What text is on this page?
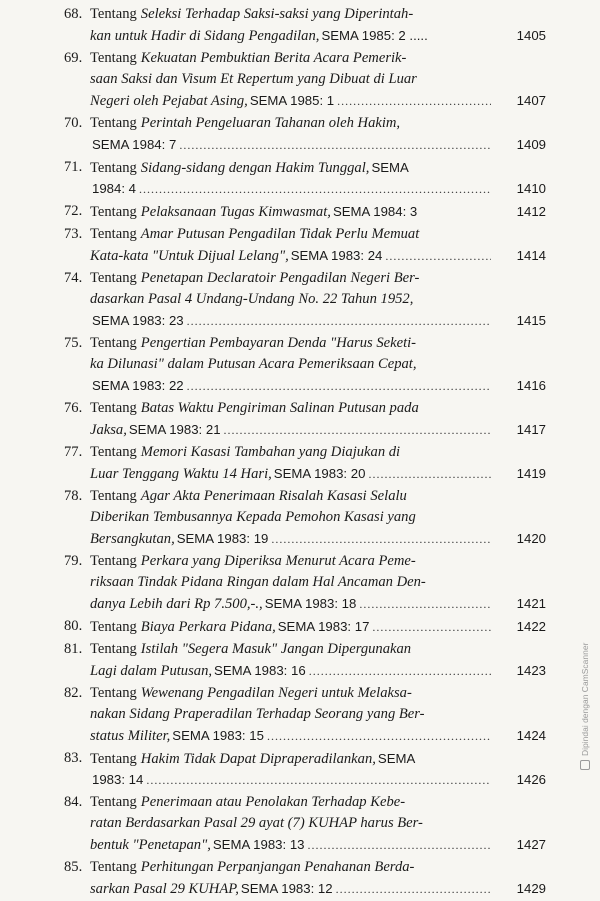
68. Tentang Seleksi Terhadap Saksi-saksi yang Diperintah-
kan untuk Hadir di Sidang Pengadilan, SEMA 1985: 2 .....	1405
69. Tentang Kekuatan Pembuktian Berita Acara Pemerik-
saan Saksi dan Visum Et Repertum yang Dibuat di Luar
Negeri oleh Pejabat Asing, SEMA 1985: 1 .....	1407
70. Tentang Perintah Pengeluaran Tahanan oleh Hakim,
SEMA 1984: 7 .....	1409
71. Tentang Sidang-sidang dengan Hakim Tunggal, SEMA
1984: 4 .....	1410
72. Tentang Pelaksanaan Tugas Kimwasmat, SEMA 1984: 3	1412
73. Tentang Amar Putusan Pengadilan Tidak Perlu Memuat
Kata-kata "Untuk Dijual Lelang", SEMA 1983: 24 .....	1414
74. Tentang Penetapan Declaratoir Pengadilan Negeri Ber-
dasarkan Pasal 4 Undang-Undang No. 22 Tahun 1952,
SEMA 1983: 23 .....	1415
75. Tentang Pengertian Pembayaran Denda "Harus Seketi-
ka Dilunasi" dalam Putusan Acara Pemeriksaan Cepat,
SEMA 1983: 22 .....	1416
76. Tentang Batas Waktu Pengiriman Salinan Putusan pada
Jaksa, SEMA 1983: 21 .....	1417
77. Tentang Memori Kasasi Tambahan yang Diajukan di
Luar Tenggang Waktu 14 Hari, SEMA 1983: 20 .....	1419
78. Tentang Agar Akta Penerimaan Risalah Kasasi Selalu
Diberikan Tembusannya Kepada Pemohon Kasasi yang
Bersangkutan, SEMA 1983: 19 .....	1420
79. Tentang Perkara yang Diperiksa Menurut Acara Peme-
riksaan Tindak Pidana Ringan dalam Hal Ancaman Den-
danya Lebih dari Rp 7.500,-., SEMA 1983: 18 .....	1421
80. Tentang Biaya Perkara Pidana, SEMA 1983: 17 .....	1422
81. Tentang Istilah "Segera Masuk" Jangan Dipergunakan
Lagi dalam Putusan, SEMA 1983: 16 .....	1423
82. Tentang Wewenang Pengadilan Negeri untuk Melaksa-
nakan Sidang Praperadilan Terhadap Seorang yang Ber-
status Militer, SEMA 1983: 15 .....	1424
83. Tentang Hakim Tidak Dapat Dipraperadilankan, SEMA
1983: 14 .....	1426
84. Tentang Penerimaan atau Penolakan Terhadap Kebe-
ratan Berdasarkan Pasal 29 ayat (7) KUHAP harus Ber-
bentuk "Penetapan", SEMA 1983: 13 .....	1427
85. Tentang Perhitungan Perpanjangan Penahanan Berda-
sarkan Pasal 29 KUHAP, SEMA 1983: 12 .....	1429
Dipindai dengan CamScanner
